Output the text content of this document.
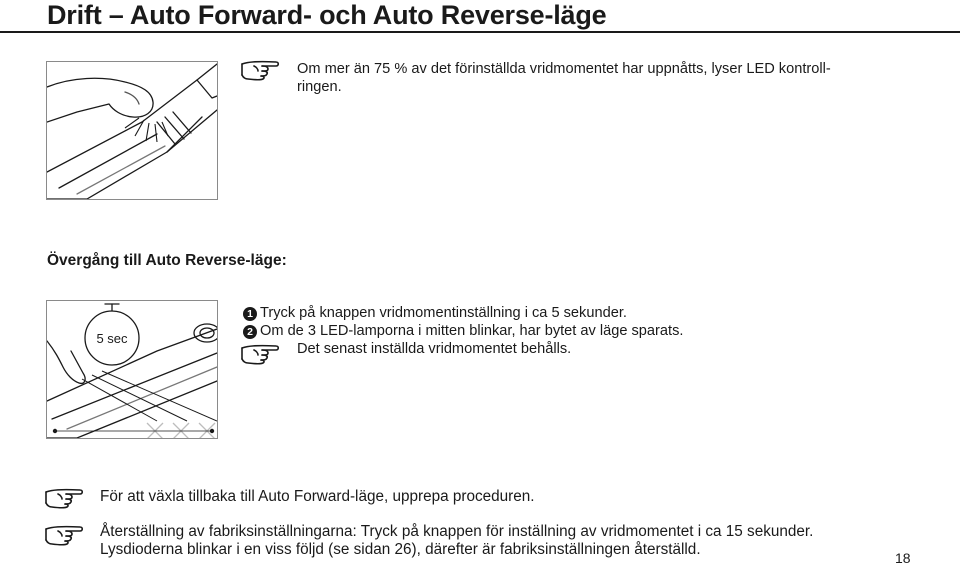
Drift – Auto Forward- och Auto Reverse-läge

Om mer än 75 % av det förinställda vridmomentet har uppnåtts, lyser LED kontroll-

ringen.

Övergång till Auto Reverse-läge:
5 sec
1 Tryck på knappen vridmomentinställning i ca 5 sekunder.
2 Om de 3 LED-lamporna i mitten blinkar, har bytet av läge sparats.

Det senast inställda vridmomentet behålls.

För att växla tillbaka till Auto Forward-läge, upprepa proceduren.

Återställning av fabriksinställningarna: Tryck på knappen för inställning av vridmomentet i ca 15 sekunder.

Lysdioderna blinkar i en viss följd (se sidan 26), därefter är fabriksinställningen återställd.	18
